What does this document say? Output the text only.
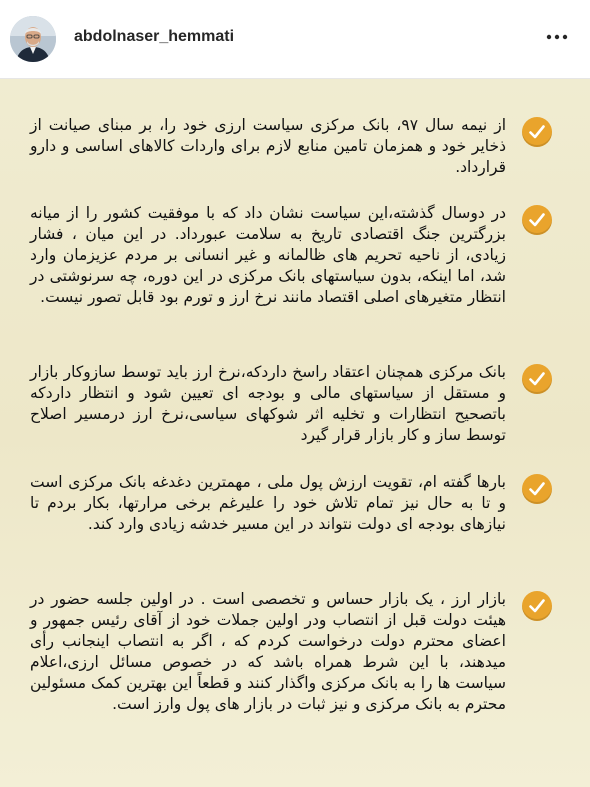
abdolnaser_hemmati
از نیمه سال ۹۷، بانک مرکزی سیاست ارزی خود را، بر مبنای صیانت از ذخایر خود و همزمان تامین منابع لازم برای واردات کالاهای اساسی و دارو قرارداد.
در دوسال گذشته،این سیاست نشان داد که با موفقیت کشور را از میانه بزرگترین جنگ اقتصادی تاریخ به سلامت عبورداد. در این میان ، فشار زیادی، از ناحیه تحریم های ظالمانه و غیر انسانی بر مردم عزیزمان وارد شد، اما اینکه، بدون سیاستهای بانک مرکزی در این دوره، چه سرنوشتی در انتظار متغیرهای اصلی اقتصاد مانند نرخ ارز و تورم بود قابل تصور نیست.
بانک مرکزی همچنان اعتقاد راسخ داردکه،نرخ ارز باید توسط سازوکار بازار و مستقل از سیاستهای مالی و بودجه ای تعیین شود و انتظار داردکه باتصحیح انتظارات و تخلیه اثر شوکهای سیاسی،نرخ ارز درمسیر اصلاح توسط ساز و کار بازار قرار گیرد
بارها گفته ام، تقویت ارزش پول ملی ، مهمترین دغدغه بانک مرکزی است و تا به حال نیز تمام تلاش خود را علیرغم برخی مرارتها، بکار بردم تا نیازهای بودجه ای دولت نتواند در این مسیر خدشه زیادی وارد کند.
بازار ارز ، یک بازار حساس و تخصصی است . در اولین جلسه حضور در هیئت دولت قبل از انتصاب ودر اولین جملات خود از آقای رئیس جمهور و اعضای محترم دولت درخواست کردم که ، اگر به انتصاب اینجانب رأی میدهند، با این شرط همراه باشد که در خصوص مسائل ارزی،اعلام سیاست ها را به بانک مرکزی واگذار کنند و قطعاً این بهترین کمک مسئولین محترم به بانک مرکزی و نیز ثبات در بازار های پول وارز است.
